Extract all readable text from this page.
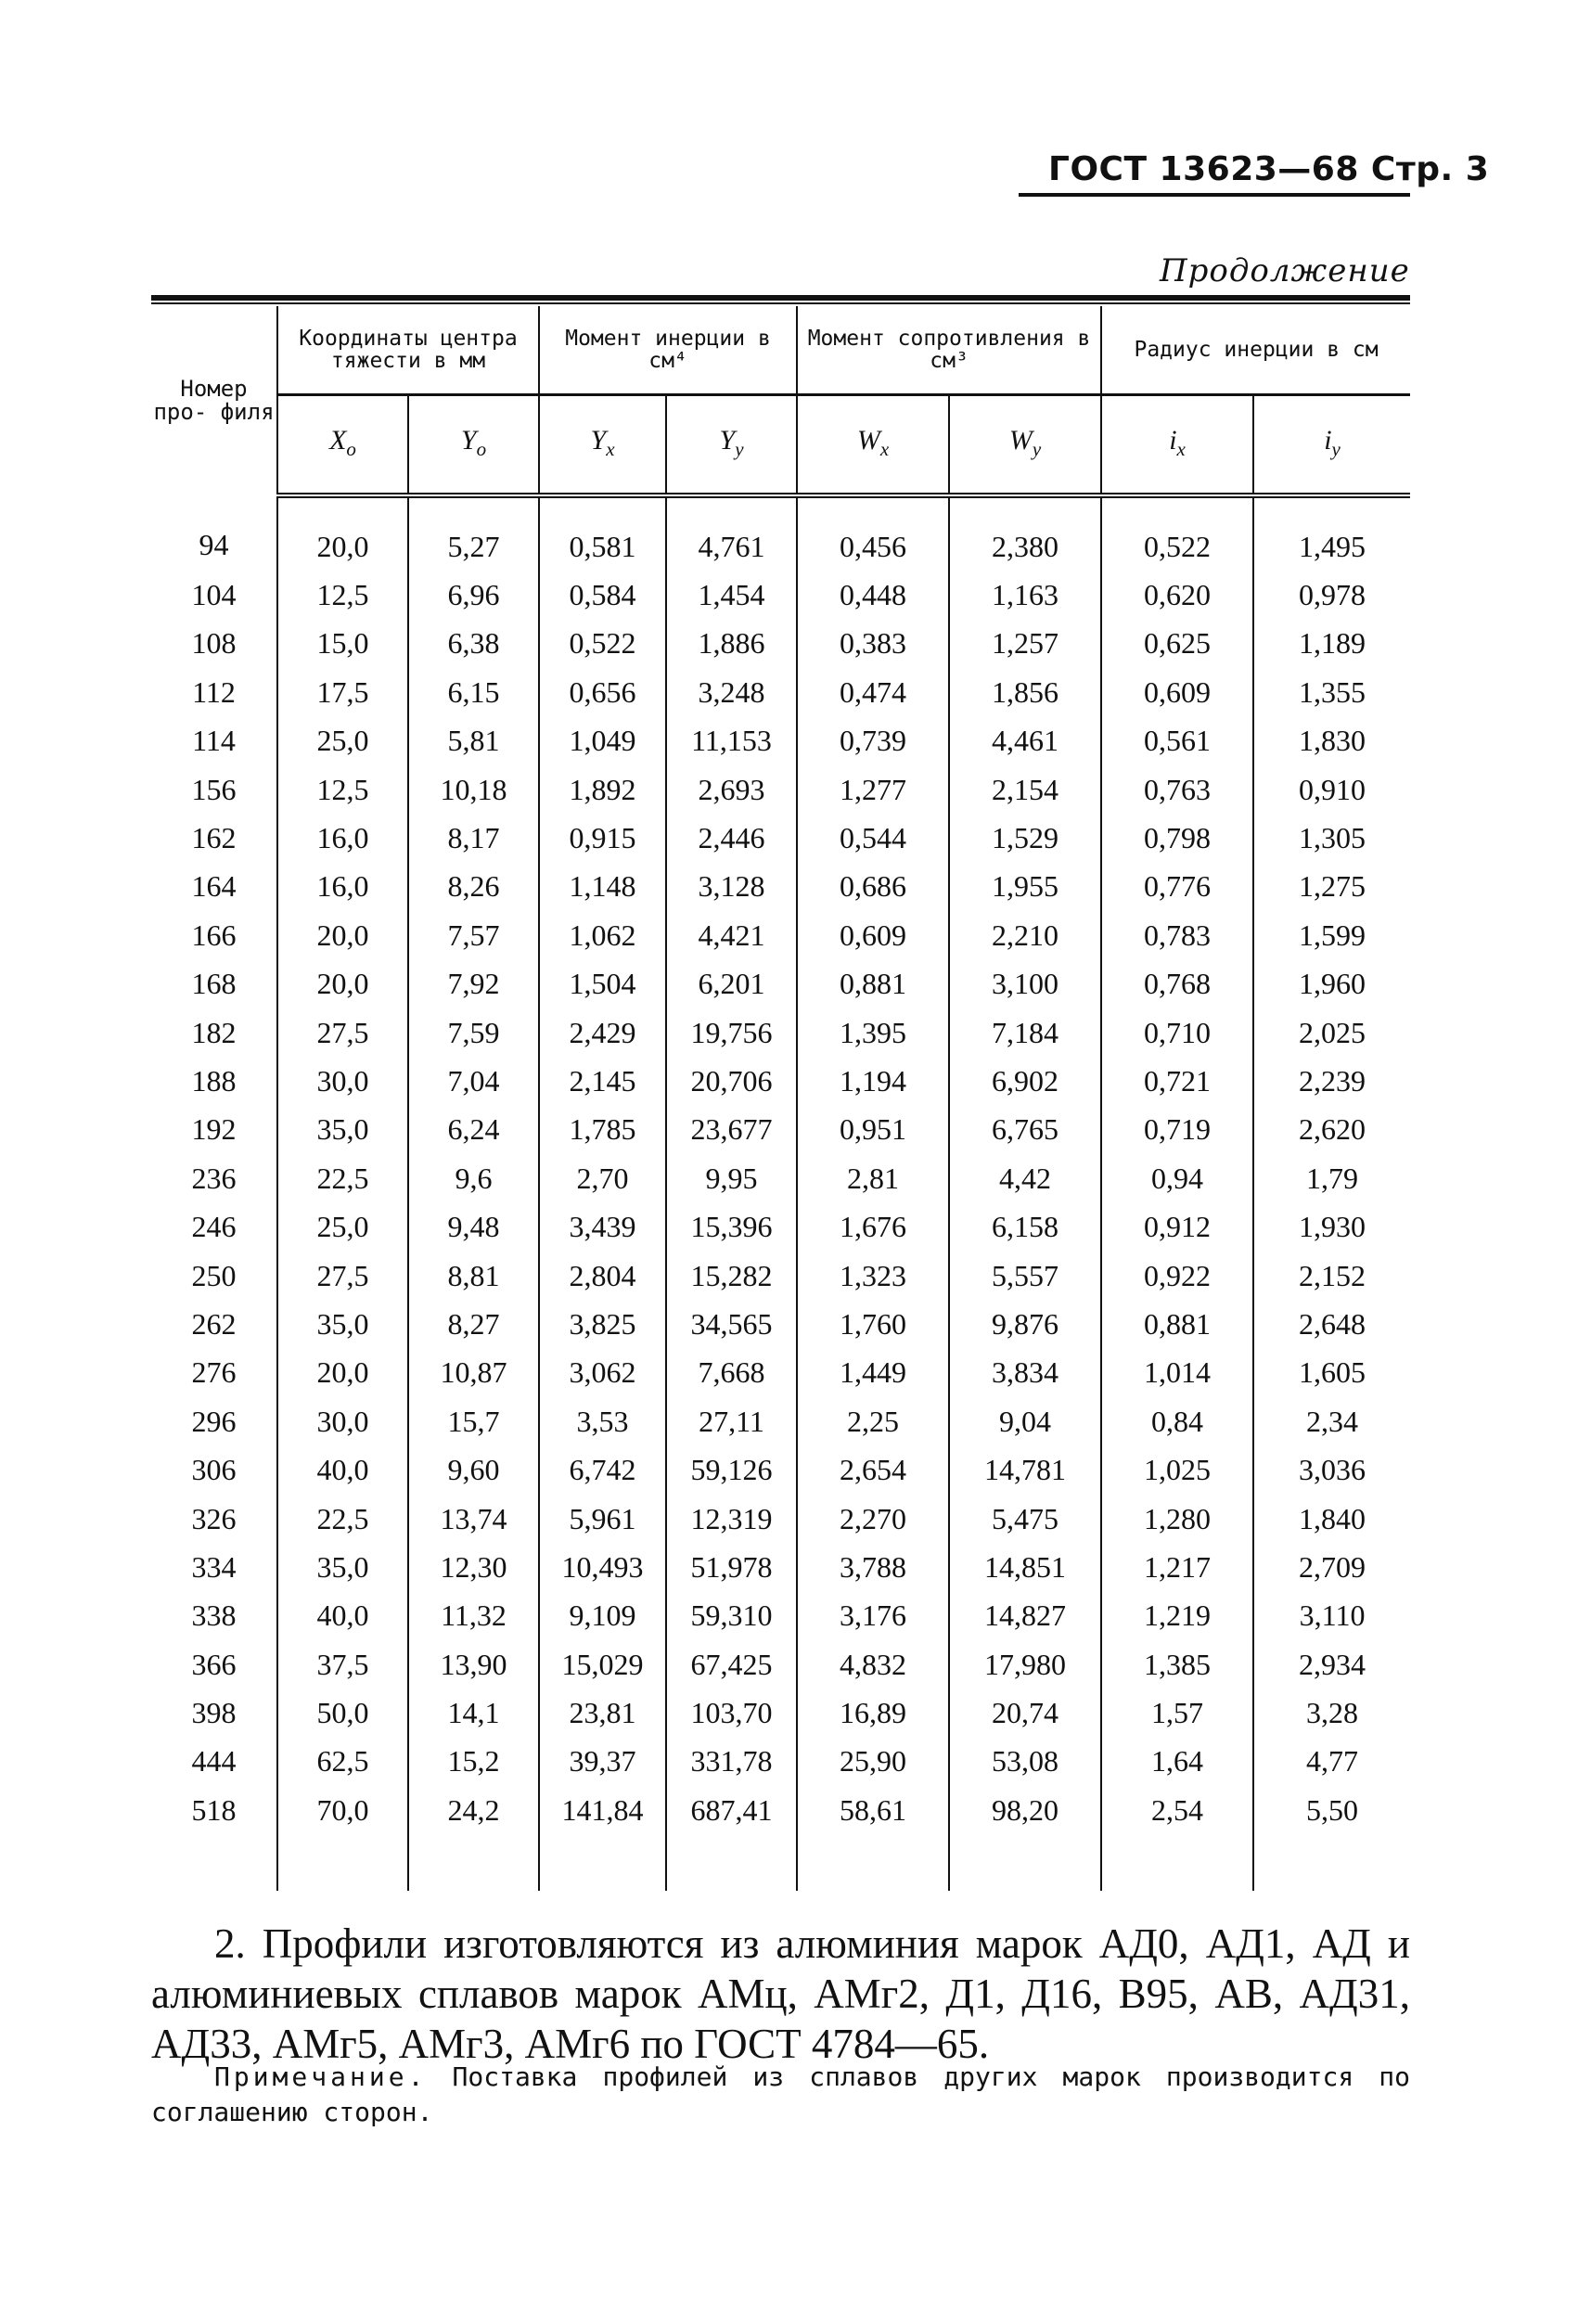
ГОСТ 13623—68 Стр. 3
Продолжение
Номер про- филя	Координаты центра тяжести в мм		Момент инерции в см⁴		Момент сопротивления в см³		Радиус инерции в см	
	$X_o$	$Y_o$	$Y_x$	$Y_y$	$W_x$	$W_y$	$i_x$	$i_y$
94	20,0	5,27	0,581	4,761	0,456	2,380	0,522	1,495
104	12,5	6,96	0,584	1,454	0,448	1,163	0,620	0,978
108	15,0	6,38	0,522	1,886	0,383	1,257	0,625	1,189
112	17,5	6,15	0,656	3,248	0,474	1,856	0,609	1,355
114	25,0	5,81	1,049	11,153	0,739	4,461	0,561	1,830
156	12,5	10,18	1,892	2,693	1,277	2,154	0,763	0,910
162	16,0	8,17	0,915	2,446	0,544	1,529	0,798	1,305
164	16,0	8,26	1,148	3,128	0,686	1,955	0,776	1,275
166	20,0	7,57	1,062	4,421	0,609	2,210	0,783	1,599
168	20,0	7,92	1,504	6,201	0,881	3,100	0,768	1,960
182	27,5	7,59	2,429	19,756	1,395	7,184	0,710	2,025
188	30,0	7,04	2,145	20,706	1,194	6,902	0,721	2,239
192	35,0	6,24	1,785	23,677	0,951	6,765	0,719	2,620
236	22,5	9,6	2,70	9,95	2,81	4,42	0,94	1,79
246	25,0	9,48	3,439	15,396	1,676	6,158	0,912	1,930
250	27,5	8,81	2,804	15,282	1,323	5,557	0,922	2,152
262	35,0	8,27	3,825	34,565	1,760	9,876	0,881	2,648
276	20,0	10,87	3,062	7,668	1,449	3,834	1,014	1,605
296	30,0	15,7	3,53	27,11	2,25	9,04	0,84	2,34
306	40,0	9,60	6,742	59,126	2,654	14,781	1,025	3,036
326	22,5	13,74	5,961	12,319	2,270	5,475	1,280	1,840
334	35,0	12,30	10,493	51,978	3,788	14,851	1,217	2,709
338	40,0	11,32	9,109	59,310	3,176	14,827	1,219	3,110
366	37,5	13,90	15,029	67,425	4,832	17,980	1,385	2,934
398	50,0	14,1	23,81	103,70	16,89	20,74	1,57	3,28
444	62,5	15,2	39,37	331,78	25,90	53,08	1,64	4,77
518	70,0	24,2	141,84	687,41	58,61	98,20	2,54	5,50

2. Профили изготовляются из алюминия марок АД0, АД1, АД и алюминиевых сплавов марок АМц, АМг2, Д1, Д16, В95, АВ, АД31, АД33, АМг5, АМг3, АМг6 по ГОСТ 4784—65.

Примечание. Поставка профилей из сплавов других марок производится по соглашению сторон.
